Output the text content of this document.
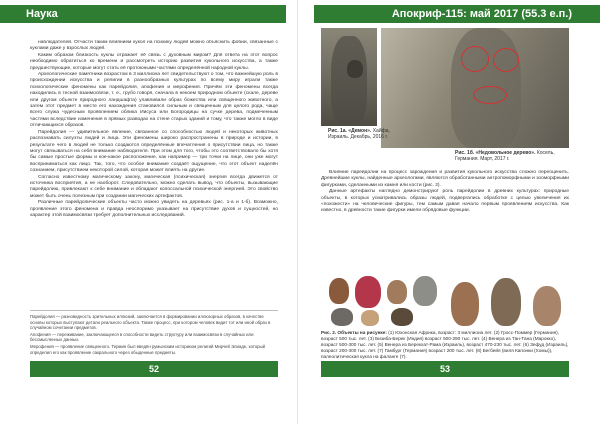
Наука	Апокриф-115: май 2017 (55.3 е.п.)

наблюдателей. Отчасти таким влиянием кукол на психику людей можно объяснить фобии, связанные с куклами даже у взрослых людей.

Каким образом близкость куклы отражает её связь с духовным миром? Для ответа на этот вопрос необходимо обратиться ко времени и рассмотреть историю развития кукольного искусства, а также предшествующие, которые могут стать её протоюными частями определённой народной куклы.

Археологические памятники возрастом в 3 миллиона лет свидетельствуют о том, что важнейшую роль в происхождении искусства и религии в разнообразных культурах по всему миру играли также психологические феномены как парейдолия, апофения и мерофения. Причём эти феномены всегда находились в тесной взаимосвязи, т. е., грубо говоря, сначала в некоем природном объекте (скале, дереве или другом объекте природного ландшафта) улавливали образ божества или священного животного, а затем этот предмет в месте его нахождения становился сильным и священным для целого рода, чаще всего служа чудесным проявлением облика Иисуса или Богородицы на сучке дерева, подмеченным частями вследствие изменения в прямых разводах на стене старых зданий и тому, что также могло в виде отличающихся образов.

Парейдолия — удивительное явление, связанное со способностью людей и некоторых животных распознавать силуэты людей и лица. Эти феномены широко распространены в природе и истории, в результате чего в людей не только создаются определённые впечатления о присутствии лица, но также могут связываться на себя внимание наблюдателя. При этом для того, чтобы это соответствовало бы хотя бы самые простые формы и кое-какое расположение, как например — три точки на лице, они уже могут восприниматься как лицо. Так, того, что особое внимание создаёт ощущение, что этот объект наделён сознанием, присутствием некоторой силой, которая может влиять на другие.

Согласно известному магическому закону, магическая (психическая) энергия всегда движется от источника восприятия, а не наоборот. Следовательно, можно сделать вывод, что объекты, вызывающие парейдолию, привлекают к себе внимание и обладают колоссальной психической энергией. Это свойство может быть очень полезным при создании магических артефактов.

Различные парейдолические объекты часто можно увидеть на деревьях (рис. 1-а и 1-б). Возможно, проявление этого феномена и правда неоспоримо указывает на присутствие духов и сущностей, но характер этой взаимосвязи требует дополнительных исследований.

Парейдолия — разновидность зрительных иллюзий, заключается в формировании иллюзорных образов, в качестве основы которых выступают детали реального объекта. Также процесс, при котором человек видит тот или иной образ в случайном сочетании предметов.

Апофения — переживание, заключающееся в способности видеть структуру или взаимосвязи в случайных или бессмысленных данных.

Мерофения — проявление священного. Термин был введён румынским историком религий Мирчей Элиаде, который определил его как проявление сакрального через обыденные предметы.

52
Рис. 1а. «Демон». Хайфа, Израиль. Декабрь, 2016 г.
Рис. 1б. «Недовольное дерево». Косель, Германия. Март, 2017 г.

Влияние парейдолии на процесс зарождения и развития кукольного искусства сложно переоценить. Древнейшие куклы, найденные археологами, являются обработанными антропоморфными и зооморфными фигурками, сделанными из камня или кости (рис. 2).

Данные артефакты наглядно демонстрируют роль парейдолии в древних культурах: природные объекты, в которых усматривались образы людей, подвергались обработке с целью увеличения их «похожести» на человеческие фигуры, тем самым давая начало первым проявлениям искусства. Как известно, в древности такие фигурки имели обрядовые функции.

Рис. 2. Объекты на рисунке: (1) Юхонская Африка, возраст: 3 миллиона лет. (2) Гросс-Поммер (Германия), возраст 500 тыс. лет. (3) Бизиба-Берек (Индия) возраст 500-290 тыс. лет. (4) Венера из Тан-Тана (Марокко), возраст 500-300 тыс. лет. (5) Венера из Берекхат-Рама (Израиль), возраст 470-230 тыс. лет. (6) Зефуд (Израиль), возраст 200-300 тыс. лет. (7) Гамбург (Германия) возраст 200 тыс. лет. (8) Бегбейя (виля Капонки (Хомы)), палеолитическая кукла на фаланге (7).
53
